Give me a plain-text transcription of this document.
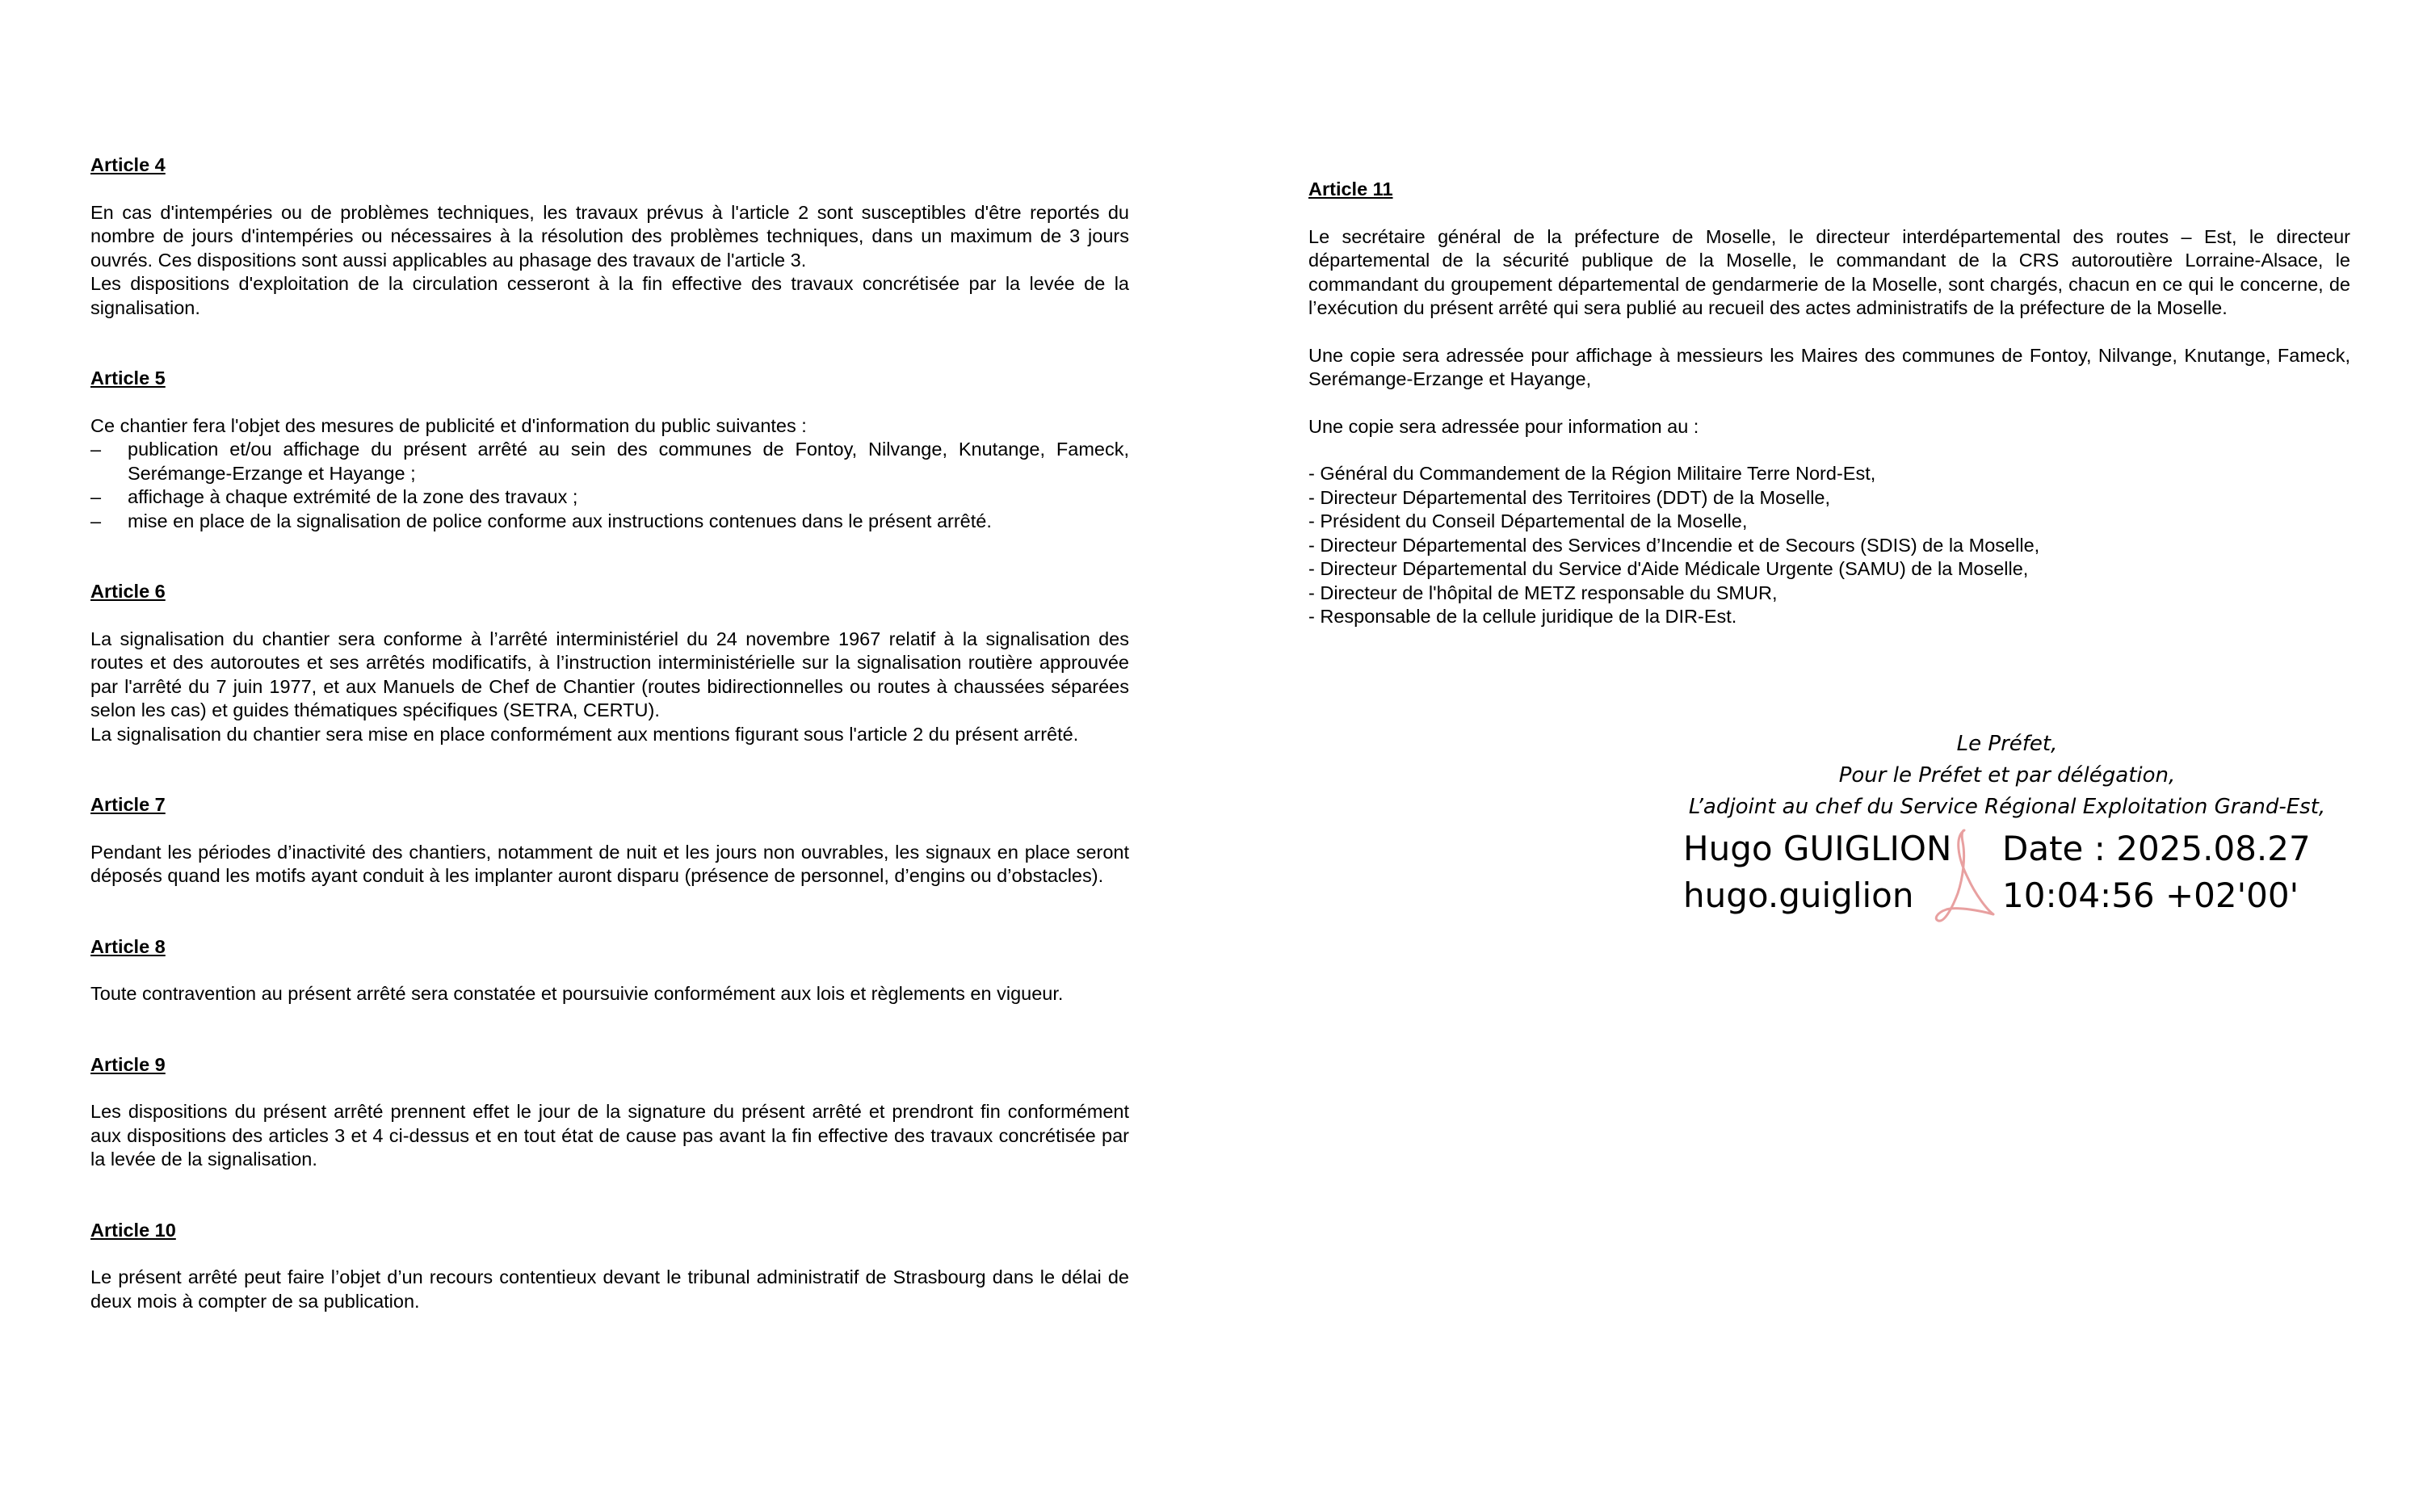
Article 4

En cas d'intempéries ou de problèmes techniques, les travaux prévus à l'article 2 sont susceptibles d'être reportés du nombre de jours d'intempéries ou nécessaires à la résolution des problèmes techniques, dans un maximum de 3 jours ouvrés. Ces dispositions sont aussi applicables au phasage des travaux de l'article 3.

Les dispositions d'exploitation de la circulation cesseront à la fin effective des travaux concrétisée par la levée de la signalisation.

Article 5

Ce chantier fera l'objet des mesures de publicité et d'information du public suivantes :

– publication et/ou affichage du présent arrêté au sein des communes de Fontoy, Nilvange, Knutange, Fameck, Serémange-Erzange et Hayange ;
– affichage à chaque extrémité de la zone des travaux ;
– mise en place de la signalisation de police conforme aux instructions contenues dans le présent arrêté.

Article 6

La signalisation du chantier sera conforme à l’arrêté interministériel du 24 novembre 1967 relatif à la signalisation des routes et des autoroutes et ses arrêtés modificatifs, à l’instruction interministérielle sur la signalisation routière approuvée par l'arrêté du 7 juin 1977, et aux Manuels de Chef de Chantier (routes bidirectionnelles ou routes à chaussées séparées selon les cas) et guides thématiques spécifiques (SETRA, CERTU).

La signalisation du chantier sera mise en place conformément aux mentions figurant sous l'article 2 du présent arrêté.

Article 7

Pendant les périodes d’inactivité des chantiers, notamment de nuit et les jours non ouvrables, les signaux en place seront déposés quand les motifs ayant conduit à les implanter auront disparu (présence de personnel, d’engins ou d’obstacles).

Article 8

Toute contravention au présent arrêté sera constatée et poursuivie conformément aux lois et règlements en vigueur.

Article 9

Les dispositions du présent arrêté prennent effet le jour de la signature du présent arrêté et prendront fin conformément aux dispositions des articles 3 et 4 ci-dessus et en tout état de cause pas avant la fin effective des travaux concrétisée par la levée de la signalisation.

Article 10

Le présent arrêté peut faire l’objet d’un recours contentieux devant le tribunal administratif de Strasbourg dans le délai de deux mois à compter de sa publication.

Article 11

Le secrétaire général de la préfecture de Moselle, le directeur interdépartemental des routes – Est, le directeur départemental de la sécurité publique de la Moselle, le commandant de la CRS autoroutière Lorraine-Alsace, le commandant du groupement départemental de gendarmerie de la Moselle, sont chargés, chacun en ce qui le concerne, de l’exécution du présent arrêté qui sera publié au recueil des actes administratifs de la préfecture de la Moselle.

Une copie sera adressée pour affichage à messieurs les Maires des communes de Fontoy, Nilvange, Knutange, Fameck, Serémange-Erzange et Hayange,

Une copie sera adressée pour information au :

- Général du Commandement de la Région Militaire Terre Nord-Est,
- Directeur Départemental des Territoires (DDT) de la Moselle,
- Président du Conseil Départemental de la Moselle,
- Directeur Départemental des Services d’Incendie et de Secours (SDIS) de la Moselle,
- Directeur Départemental du Service d'Aide Médicale Urgente (SAMU) de la Moselle,
- Directeur de l'hôpital de METZ responsable du SMUR,
- Responsable de la cellule juridique de la DIR-Est.
Le Préfet,
Pour le Préfet et par délégation,
L’adjoint au chef du Service Régional Exploitation Grand-Est,
Hugo GUIGLION
hugo.guiglion
Date : 2025.08.27
10:04:56 +02'00'
